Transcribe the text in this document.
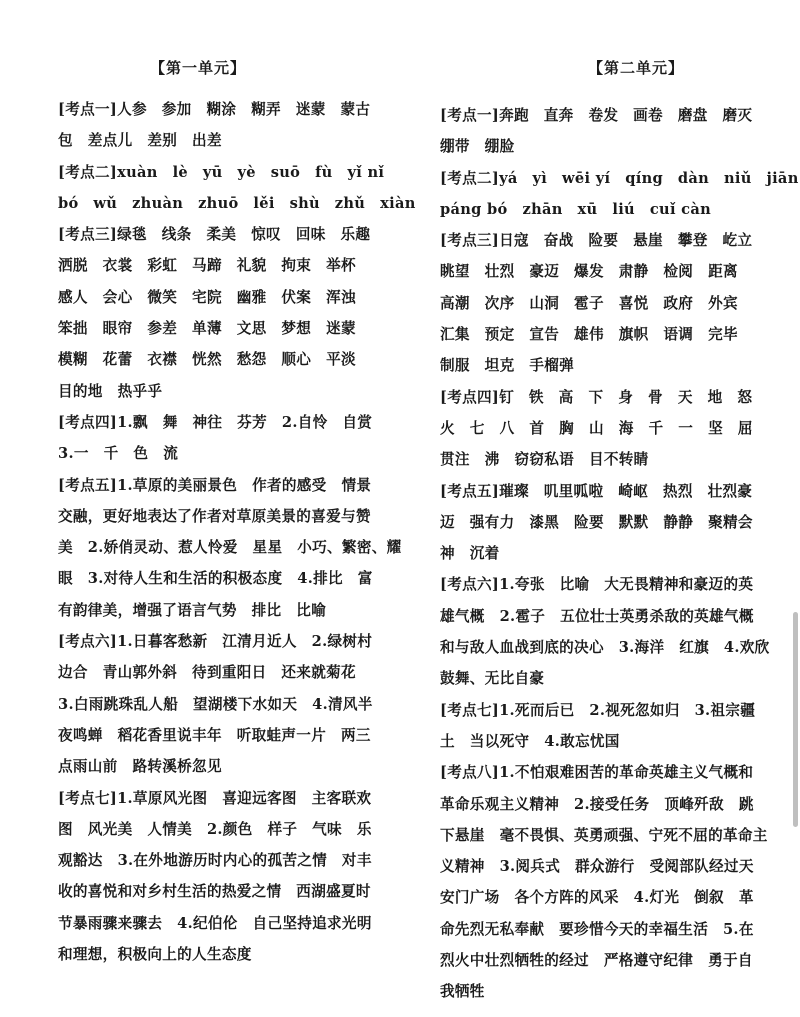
【第一单元】
[考点一]人参　参加　糊涂　糊弄　迷蒙　蒙古
包　差点儿　差别　出差
[考点二]xuàn　lè　yū　yè　suō　fù　yǐ nǐ
bó　wǔ　zhuàn　zhuō　lěi　shù　zhǔ　xiàn
[考点三]绿毯　线条　柔美　惊叹　回味　乐趣
洒脱　衣裳　彩虹　马蹄　礼貌　拘束　举杯
感人　会心　微笑　宅院　幽雅　伏案　浑浊
笨拙　眼帘　参差　单薄　文思　梦想　迷蒙
模糊　花蕾　衣襟　恍然　愁怨　顺心　平淡
目的地　热乎乎
[考点四]1.飘　舞　神往　芬芳　2.自怜　自赏
3.一　千　色　流
[考点五]1.草原的美丽景色　作者的感受　情景
交融，更好地表达了作者对草原美景的喜爱与赞
美　2.娇俏灵动、惹人怜爱　星星　小巧、繁密、耀
眼　3.对待人生和生活的积极态度　4.排比　富
有韵律美，增强了语言气势　排比　比喻
[考点六]1.日暮客愁新　江清月近人　2.绿树村
边合　青山郭外斜　待到重阳日　还来就菊花
3.白雨跳珠乱人船　望湖楼下水如天　4.清风半
夜鸣蝉　稻花香里说丰年　听取蛙声一片　两三
点雨山前　路转溪桥忽见
[考点七]1.草原风光图　喜迎远客图　主客联欢
图　风光美　人情美　2.颜色　样子　气味　乐
观豁达　3.在外地游历时内心的孤苦之情　对丰
收的喜悦和对乡村生活的热爱之情　西湖盛夏时
节暴雨骤来骤去　4.纪伯伦　自己坚持追求光明
和理想，积极向上的人生态度
【第二单元】
[考点一]奔跑　直奔　卷发　画卷　磨盘　磨灭
绷带　绷脸
[考点二]yá　yì　wēi yí　qíng　dàn　niǔ　jiān
páng bó　zhān　xū　liú　cuǐ càn
[考点三]日寇　奋战　险要　悬崖　攀登　屹立
眺望　壮烈　豪迈　爆发　肃静　检阅　距离
高潮　次序　山洞　雹子　喜悦　政府　外宾
汇集　预定　宣告　雄伟　旗帜　语调　完毕
制服　坦克　手榴弹
[考点四]钉　铁　高　下　身　骨　天　地　怒
火　七　八　首　胸　山　海　千　一　坚　屈
贯注　沸　窃窃私语　目不转睛
[考点五]璀璨　叽里呱啦　崎岖　热烈　壮烈豪
迈　强有力　漆黑　险要　默默　静静　聚精会
神　沉着
[考点六]1.夸张　比喻　大无畏精神和豪迈的英
雄气概　2.雹子　五位壮士英勇杀敌的英雄气概
和与敌人血战到底的决心　3.海洋　红旗　4.欢欣
鼓舞、无比自豪
[考点七]1.死而后已　2.视死忽如归　3.祖宗疆
土　当以死守　4.敢忘忧国
[考点八]1.不怕艰难困苦的革命英雄主义气概和
革命乐观主义精神　2.接受任务　顶峰歼敌　跳
下悬崖　毫不畏惧、英勇顽强、宁死不屈的革命主
义精神　3.阅兵式　群众游行　受阅部队经过天
安门广场　各个方阵的风采　4.灯光　倒叙　革
命先烈无私奉献　要珍惜今天的幸福生活　5.在
烈火中壮烈牺牲的经过　严格遵守纪律　勇于自
我牺牲
